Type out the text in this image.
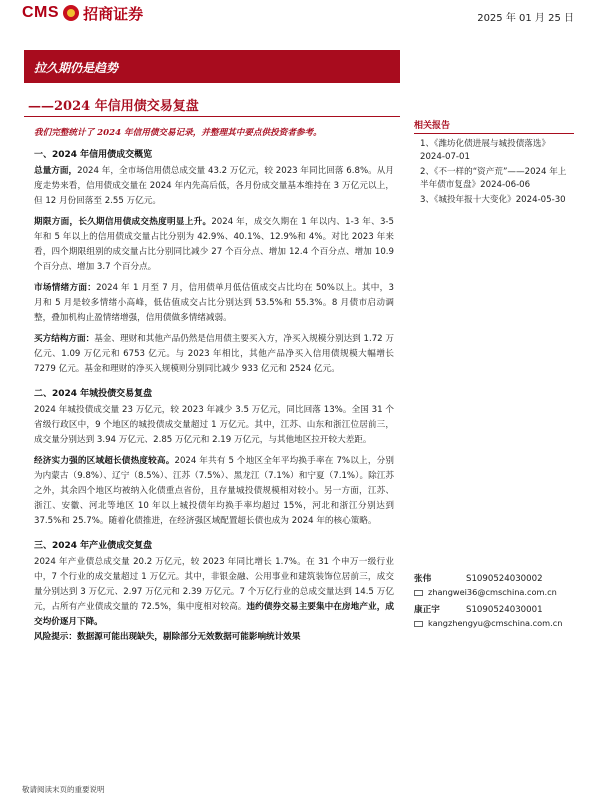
CMS 招商证券	2025 年 01 月 25 日
拉久期仍是趋势
——2024 年信用债交易复盘
我们完整统计了 2024 年信用债交易记录，并整理其中要点供投资者参考。
一、2024 年信用债成交概览
总量方面，2024 年，全市场信用债总成交量 43.2 万亿元，较 2023 年同比回落 6.8%。从月度走势来看，信用债成交量在 2024 年内先高后低，各月份成交量基本维持在 3 万亿元以上，但 12 月份回落至 2.55 万亿元。
期限方面，长久期信用债成交热度明显上升。2024 年，成交久期在 1 年以内、1-3 年、3-5 年和 5 年以上的信用债成交量占比分别为 42.9%、40.1%、12.9%和 4%。对比 2023 年来看，四个期限组别的成交量占比分别同比减少 27 个百分点、增加 12.4 个百分点、增加 10.9 个百分点、增加 3.7 个百分点。
市场情绪方面：2024 年 1 月至 7 月，信用债单月低估值成交占比均在 50%以上。其中，3 月和 5 月是较多情绪小高峰，低估值成交占比分别达到 53.5%和 55.3%。8 月债市启动调整，叠加机构止盈情绪增强，信用债做多情绪减弱。
买方结构方面：基金、理财和其他产品仍然是信用债主要买入方，净买入规模分别达到 1.72 万亿元、1.09 万亿元和 6753 亿元。与 2023 年相比，其他产品净买入信用债规模大幅增长 7279 亿元。基金和理财的净买入规模则分别同比减少 933 亿元和 2524 亿元。
二、2024 年城投债交易复盘
2024 年城投债成交量 23 万亿元，较 2023 年减少 3.5 万亿元，同比回落 13%。全国 31 个省级行政区中，9 个地区的城投债成交量超过 1 万亿元。其中，江苏、山东和浙江位居前三，成交量分别达到 3.94 万亿元、2.85 万亿元和 2.19 万亿元，与其他地区拉开较大差距。
经济实力强的区域超长债热度较高。2024 年共有 5 个地区全年平均换手率在 7%以上，分别为内蒙古（9.8%）、辽宁（8.5%）、江苏（7.5%）、黑龙江（7.1%）和宁夏（7.1%）。除江苏之外，其余四个地区均被纳入化债重点省份，且存量城投债规模相对较小。另一方面，江苏、浙江、安徽、河北等地区 10 年以上城投债年均换手率均超过 15%，河北和浙江分别达到 37.5%和 25.7%。随着化债推进，在经济强区域配置超长债也成为 2024 年的核心策略。
三、2024 年产业债成交复盘
2024 年产业债总成交量 20.2 万亿元，较 2023 年同比增长 1.7%。在 31 个申万一级行业中，7 个行业的成交量超过 1 万亿元。其中，非银金融、公用事业和建筑装饰位居前三，成交量分别达到 3 万亿元、2.97 万亿元和 2.39 万亿元。7 个万亿行业的总成交量达到 14.5 万亿元，占所有产业债成交量的 72.5%，集中度相对较高。违约债券交易主要集中在房地产业，成交均价逐月下降。
风险提示：数据源可能出现缺失，剔除部分无效数据可能影响统计效果
相关报告
1、《潍坊化债进展与城投债落选》2024-07-01
2、《不一样的“资产荒”——2024 年上半年债市复盘》2024-06-06
3、《城投年报十大变化》2024-05-30
张伟	S1090524030002
zhangwei36@cmschina.com.cn
康正宇	S1090524030001
kangzhengyu@cmschina.com.cn
敬请阅读末页的重要说明
